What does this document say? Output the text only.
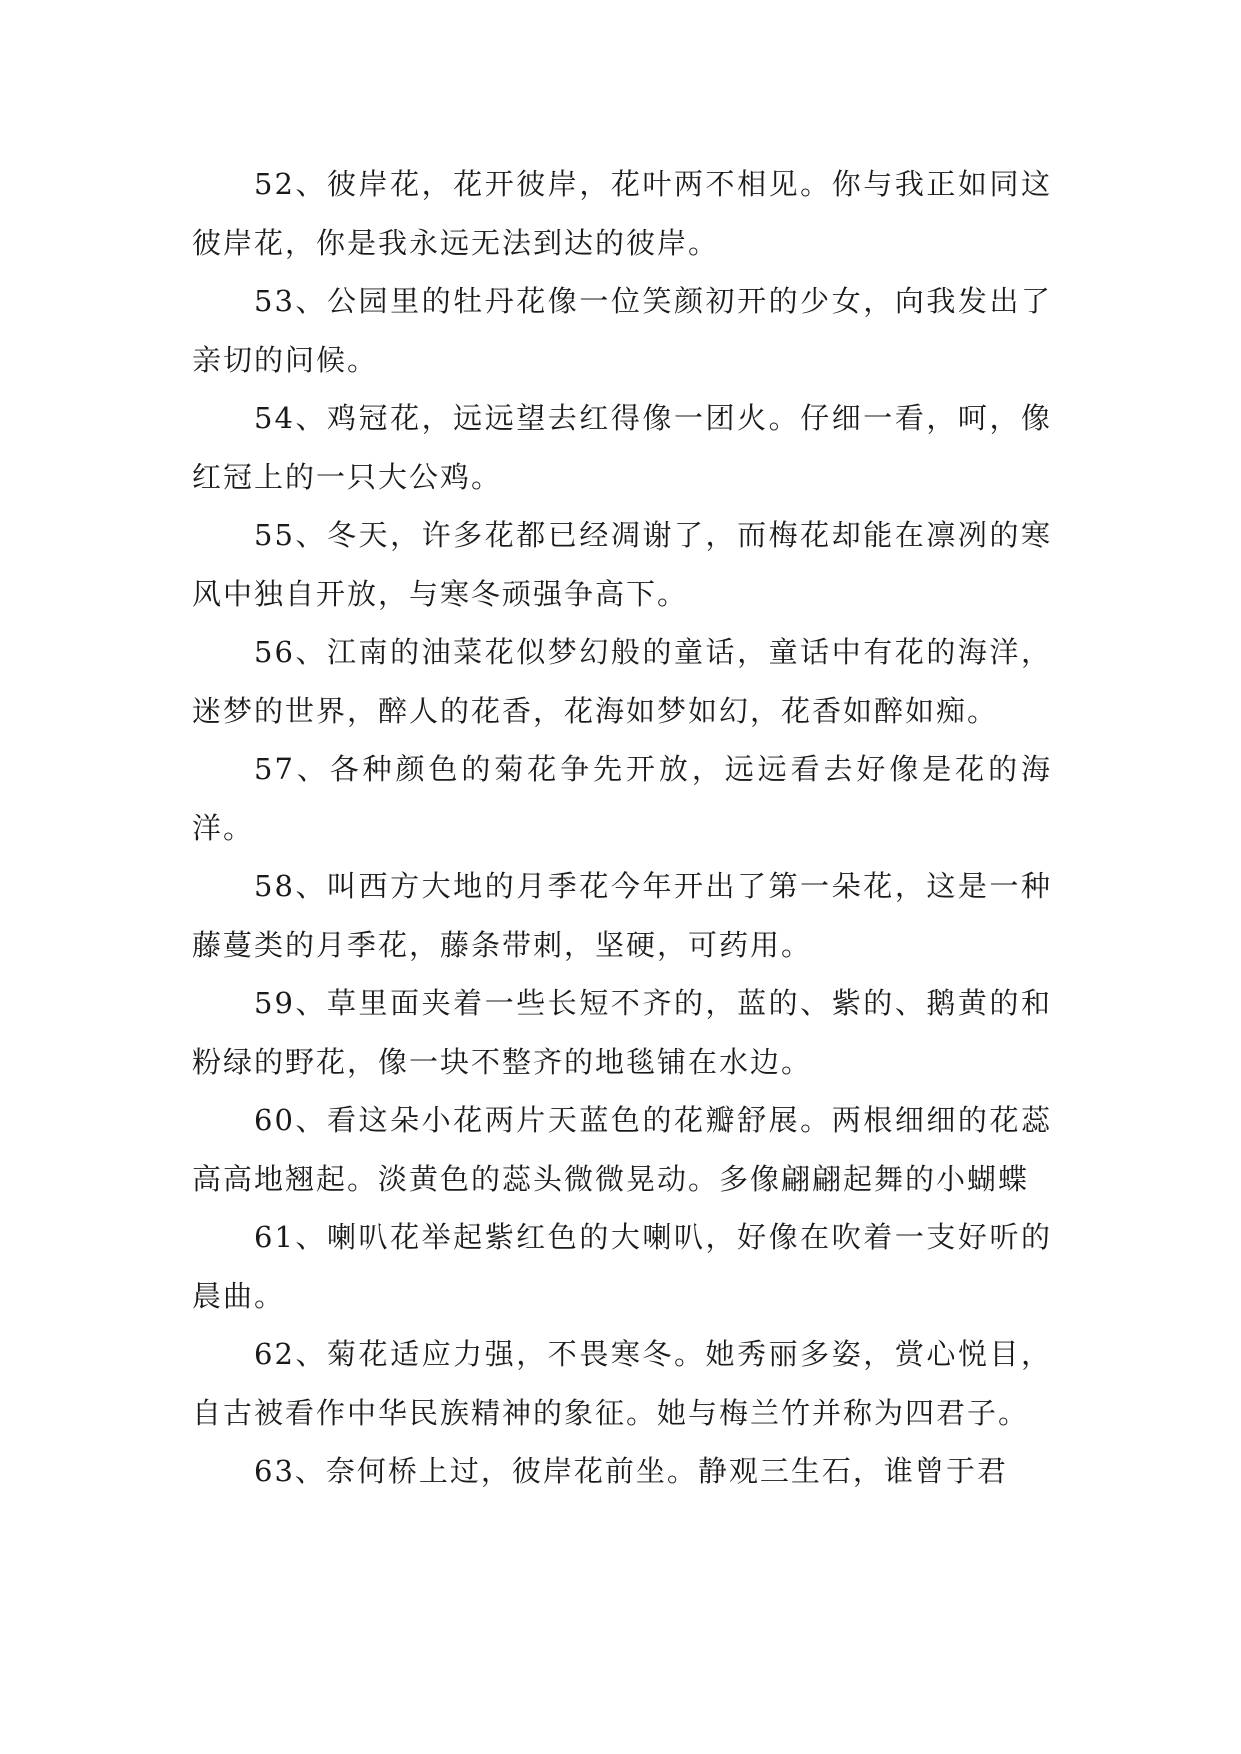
52、彼岸花，花开彼岸，花叶两不相见。你与我正如同这彼岸花，你是我永远无法到达的彼岸。

53、公园里的牡丹花像一位笑颜初开的少女，向我发出了亲切的问候。

54、鸡冠花，远远望去红得像一团火。仔细一看，呵，像红冠上的一只大公鸡。

55、冬天，许多花都已经凋谢了，而梅花却能在凛冽的寒风中独自开放，与寒冬顽强争高下。

56、江南的油菜花似梦幻般的童话，童话中有花的海洋，迷梦的世界，醉人的花香，花海如梦如幻，花香如醉如痴。

57、各种颜色的菊花争先开放，远远看去好像是花的海洋。

58、叫西方大地的月季花今年开出了第一朵花，这是一种藤蔓类的月季花，藤条带刺，坚硬，可药用。

59、草里面夹着一些长短不齐的，蓝的、紫的、鹅黄的和粉绿的野花，像一块不整齐的地毯铺在水边。

60、看这朵小花两片天蓝色的花瓣舒展。两根细细的花蕊高高地翘起。淡黄色的蕊头微微晃动。多像翩翩起舞的小蝴蝶

61、喇叭花举起紫红色的大喇叭，好像在吹着一支好听的晨曲。

62、菊花适应力强，不畏寒冬。她秀丽多姿，赏心悦目，自古被看作中华民族精神的象征。她与梅兰竹并称为四君子。

63、奈何桥上过，彼岸花前坐。静观三生石，谁曾于君
